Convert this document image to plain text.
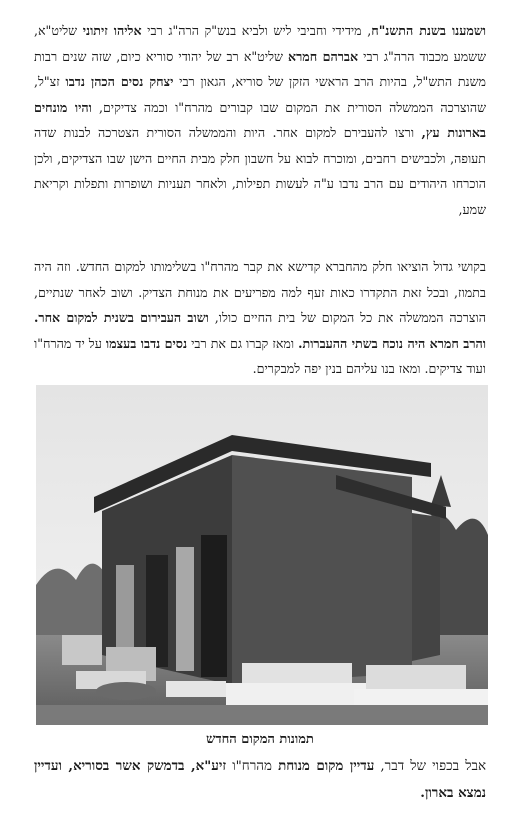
ושמענו בשנת התשנ"ח, מידידי וחביבי ליש ולביא בנש"ק הרה"ג רבי אליהו זיתוני שליט"א, ששמע מכבוד הרה"ג רבי אברהם חמרא שליט"א רב של יהודי סוריא כיום, שזה שנים רבות משנת התש"ל, בהיות הרב הראשי הזקן של סוריא, הגאון רבי יצחק נסים הכהן נדבו זצ"ל, שהוצרכה הממשלה הסורית את המקום שבו קבורים מהרח"ו וכמה צדיקים, והיו מונחים בארונות עץ, ורצו להעבירם למקום אחר. היות והממשלה הסורית הצטרכה לבנות שדה תעופה, ולכבישים רחבים, ומוכרח לבוא על חשבון חלק מבית החיים הישן שבו הצדיקים, ולכן הוכרחו היהודים עם הרב נדבו ע"ה לעשות תפילות, ולאחר תעניות ושופרות ותפלות וקריאת שמע,

בקושי גדול הוציאו חלק מהחברא קדישא את קבר מהרח"ו בשלימותו למקום החדש. וזה היה בתמוז, ובכל זאת התקדרו כאות זעף למה מפריעים את מנוחת הצדיק. ושוב לאחר שנתיים, הוצרכה הממשלה את כל המקום של בית החיים כולו, ושוב העבירום בשנית למקום אחר. והרב חמרא היה נוכח בשתי ההעברות. ומאז קברו גם את רבי נסים נדבו בעצמו על יד מהרח"ו ועוד צדיקים. ומאז בנו עליהם בנין יפה למבקרים.

תמונות המקום החדש

אבל בכפוי של דבר, עדיין מקום מנוחת מהרח"ו זיע"א, בדמשק אשר בסוריא, ועדיין נמצא בארון.
